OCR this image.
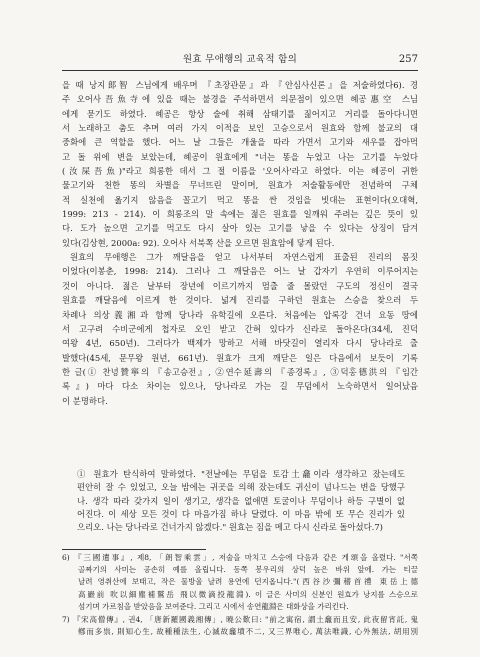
원효 무애행의 교육적 함의	257
을 때 낭지郞智 스님에게 배우며 『초장관문』과 『안심사신론』을 저술하였다6). 경
주 오어사吾魚寺에 있을 때는 불경을 주석하면서 의문점이 있으면 혜공惠空 스님
에게 묻기도 하였다. 혜공은 항상 술에 취해 삼태기를 짊어지고 거리를 돌아다니면
서 노래하고 춤도 추며 여러 가지 이적을 보인 고승으로서 원효와 함께 불교의 대
중화에 큰 역할을 했다. 어느 날 그들은 개울을 따라 가면서 고기와 새우를 잡아먹
고 돌 위에 변을 보았는데, 혜공이 원효에게 "너는 똥을 누었고 나는 고기를 누었다
(汝屎吾魚)"라고 희롱한 데서 그 절 이름을 '오어사'라고 하였다. 이는 혜공이 귀한
물고기와 천한 똥의 차별을 무너뜨린 말이며, 원효가 저술활동에만 전념하여 구체
적 실천에 옮기지 않음을 꼴고기 먹고 똥을 싼 것임을 빗대는 표현이다(오대혁,
1999: 213 - 214). 이 희롱조의 말 속에는 젊은 원효를 일깨워 주려는 깊은 뜻이 있
다. 도가 높으면 고기를 먹고도 다시 살아 있는 고기를 낳을 수 있다는 상징이 담겨
있다(김상현, 2000a: 92). 오어사 서북쪽 산을 오르면 원효암에 닿게 된다.
원효의 무애행은 그가 깨달음을 얻고 나서부터 자연스럽게 표출된 진리의 몸짓
이었다(이봉춘, 1998: 214). 그러나 그 깨달음은 어느 날 갑자기 우연히 이루어지는
것이 아니다. 젊은 날부터 장년에 이르기까지 멈출 줄 몰랐던 구도의 정신이 결국
원효를 깨달음에 이르게 한 것이다. 넓게 진리를 구하던 원효는 스승을 찾으러 두
차례나 의상義湘과 함께 당나라 유학길에 오른다. 처음에는 압록강 건너 요동 땅에
서 고구려 수비군에게 첩자로 오인 받고 간혀 있다가 신라로 돌아온다(34세, 진덕
여왕 4년, 650년). 그러다가 백제가 망하고 서해 바닷길이 열리자 다시 당나라로 출
발했다(45세, 문무왕 원년, 661년). 원효가 크게 깨닫은 일은 다음에서 보듯이 기록
한 글(① 찬녕贊寧의 『송고승전』, ②연수延壽의 『종경록』, ③덕홍德洪의 『임간
록』) 마다 다소 차이는 있으나, 당나라로 가는 길 무덤에서 노숙하면서 일어났음
이 분명하다.
① 원효가 탄식하여 말하였다. "전날에는 무덤을 토감土龕이라 생각하고 잤는데도
편안히 잘 수 있었고, 오늘 밤에는 귀곳을 의해 잤는데도 귀신이 넘나드는 변을 당했구
나. 생각 따라 갖가지 일이 생기고, 생각을 없애면 토굴이나 무덤이나 하등 구별이 없
어진다. 이 세상 모든 것이 다 마음가짐 하나 달렸다. 이 마음 밖에 또 무슨 진리가 있
으리오. 나는 당나라로 건너가지 않겠다." 원효는 짐을 메고 다시 신라로 돌아섰다.7)
6) 『三國遺事』, 제8, 「朗智乘雲」, 저술을 마치고 스승에 다음과 같은 게頌을 올렸다. "서쪽
골짜기의 사미는 공손히 예를 올립니다. 동쪽 봉우리의 상덕 높은 바위 앞에. 가는 티끌
날려 영취산에 보태고, 작은 물방울 날려 용연에 던지옵니다."(西谷沙彌稽首禮 東岳上德
高巖前 吹以細塵補鷲岳 飛以微滴投龍淵). 이 글은 사미의 신분인 원효가 낭지를 스승으로
섬기며 가르침을 받았음을 보여준다. 그리고 시에서 송연龍淵은 대화상을 가리킨다.
7) 『宋高僧傳』, 권4, 「唐新羅國義湘傳」, 曉公歎曰: "前之寓宿, 謂土龕而且安, 此夜留宵託, 鬼
鄕而多祟, 則知心生, 故種種法生, 心滅故龕墳不二, 又三界唯心, 萬法唯識, 心外無法, 胡用別
